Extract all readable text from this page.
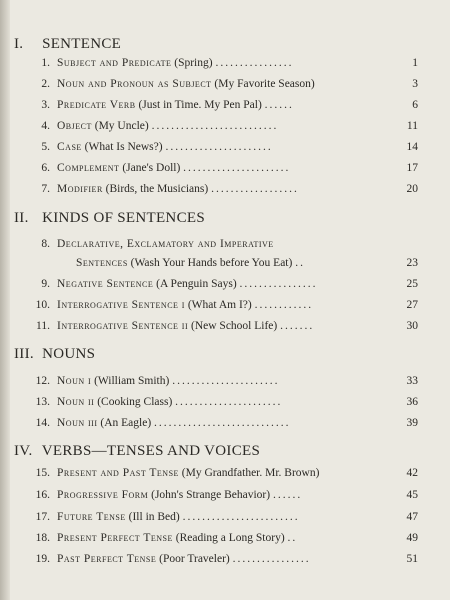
I. SENTENCE
1. Subject and Predicate (Spring) ................	1
2. Noun and Pronoun as Subject (My Favorite Season)	3
3. Predicate Verb (Just in Time. My Pen Pal) ......	6
4. Object (My Uncle) ..........................	11
5. Case (What Is News?) ......................	14
6. Complement (Jane's Doll) ......................	17
7. Modifier (Birds, the Musicians) ..................	20
II. KINDS OF SENTENCES
8. Declarative, Exclamatory and Imperative
Sentences (Wash Your Hands before You Eat) ..	23
9. Negative Sentence (A Penguin Says) ................	25
10. Interrogative Sentence i (What Am I?) ............	27
11. Interrogative Sentence ii (New School Life) .......	30
III. NOUNS
12. Noun i (William Smith) ......................	33
13. Noun ii (Cooking Class) ......................	36
14. Noun iii (An Eagle) ............................	39
IV. VERBS—TENSES AND VOICES
15. Present and Past Tense (My Grandfather. Mr. Brown)	42
16. Progressive Form (John's Strange Behavior) ......	45
17. Future Tense (Ill in Bed) ........................	47
18. Present Perfect Tense (Reading a Long Story) ..	49
19. Past Perfect Tense (Poor Traveler) ................	51
